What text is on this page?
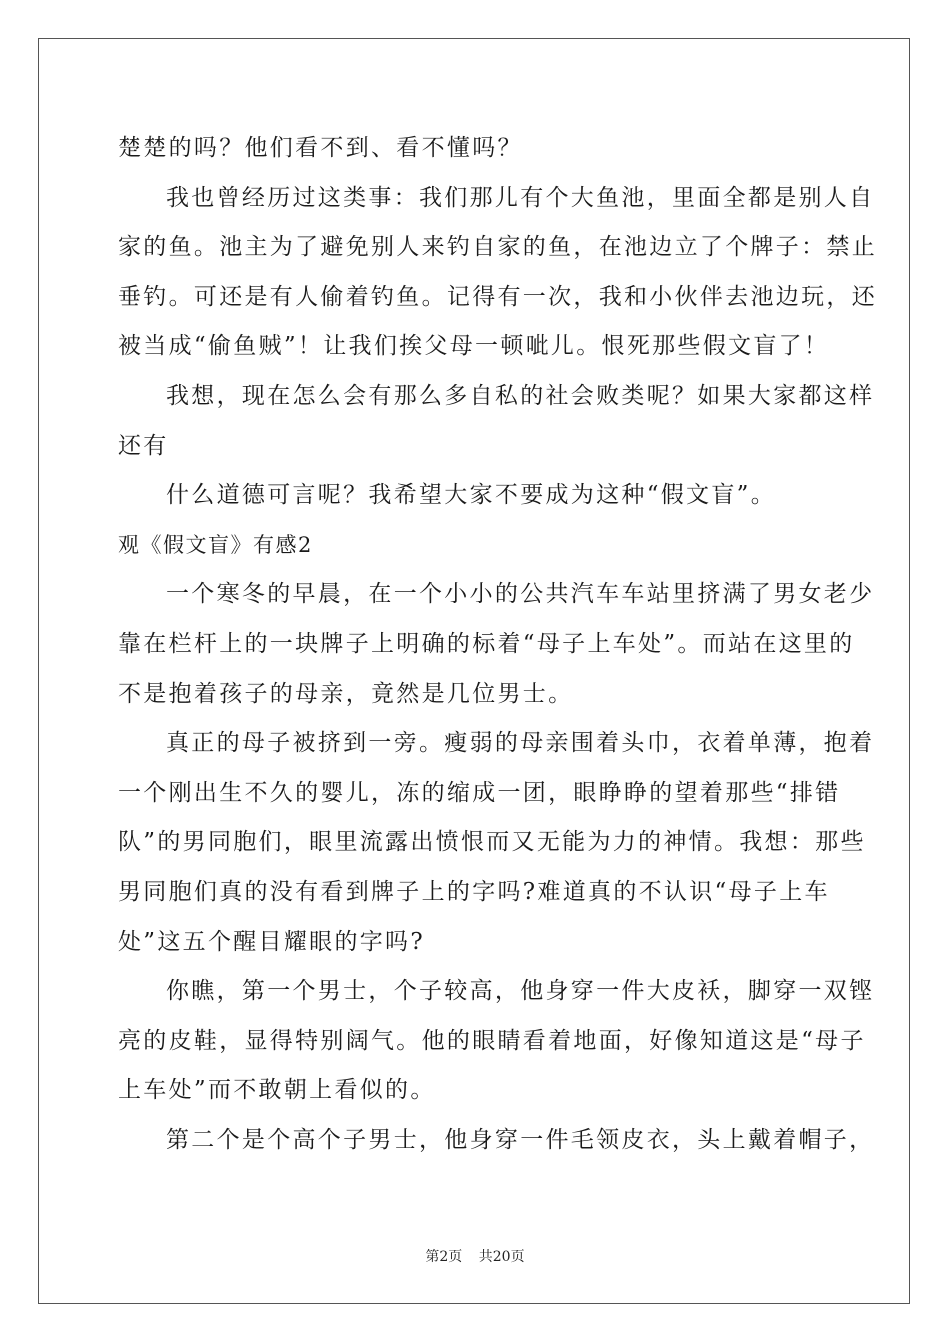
楚楚的吗？他们看不到、看不懂吗？
我也曾经历过这类事：我们那儿有个大鱼池，里面全都是别人自
家的鱼。池主为了避免别人来钓自家的鱼，在池边立了个牌子：禁止
垂钓。可还是有人偷着钓鱼。记得有一次，我和小伙伴去池边玩，还
被当成“偷鱼贼”！让我们挨父母一顿呲儿。恨死那些假文盲了！
我想，现在怎么会有那么多自私的社会败类呢？如果大家都这样
还有
什么道德可言呢？我希望大家不要成为这种“假文盲”。
观《假文盲》有感2
一个寒冬的早晨，在一个小小的公共汽车车站里挤满了男女老少
靠在栏杆上的一块牌子上明确的标着“母子上车处”。而站在这里的
不是抱着孩子的母亲，竟然是几位男士。
真正的母子被挤到一旁。瘦弱的母亲围着头巾，衣着单薄，抱着
一个刚出生不久的婴儿，冻的缩成一团，眼睁睁的望着那些“排错
队”的男同胞们，眼里流露出愤恨而又无能为力的神情。我想：那些
男同胞们真的没有看到牌子上的字吗?难道真的不认识“母子上车
处”这五个醒目耀眼的字吗?
你瞧，第一个男士，个子较高，他身穿一件大皮袄，脚穿一双铿
亮的皮鞋，显得特别阔气。他的眼睛看着地面，好像知道这是“母子
上车处”而不敢朝上看似的。
第二个是个高个子男士，他身穿一件毛领皮衣，头上戴着帽子，
第2页 共20页
